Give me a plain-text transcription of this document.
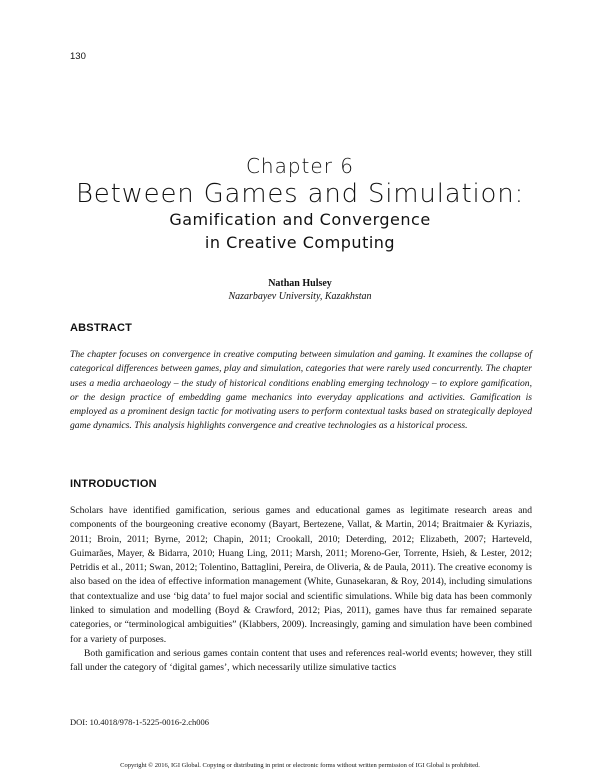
130
Chapter 6
Between Games and Simulation:
Gamification and Convergence
in Creative Computing
Nathan Hulsey
Nazarbayev University, Kazakhstan
ABSTRACT
The chapter focuses on convergence in creative computing between simulation and gaming. It examines the collapse of categorical differences between games, play and simulation, categories that were rarely used concurrently. The chapter uses a media archaeology – the study of historical conditions enabling emerging technology – to explore gamification, or the design practice of embedding game mechanics into everyday applications and activities. Gamification is employed as a prominent design tactic for motivating users to perform contextual tasks based on strategically deployed game dynamics. This analysis highlights convergence and creative technologies as a historical process.
INTRODUCTION

Scholars have identified gamification, serious games and educational games as legitimate research areas and components of the bourgeoning creative economy (Bayart, Bertezene, Vallat, & Martin, 2014; Braitmaier & Kyriazis, 2011; Broin, 2011; Byrne, 2012; Chapin, 2011; Crookall, 2010; Deterding, 2012; Elizabeth, 2007; Harteveld, Guimarães, Mayer, & Bidarra, 2010; Huang Ling, 2011; Marsh, 2011; Moreno-Ger, Torrente, Hsieh, & Lester, 2012; Petridis et al., 2011; Swan, 2012; Tolentino, Battaglini, Pereira, de Oliveria, & de Paula, 2011). The creative economy is also based on the idea of effective information management (White, Gunasekaran, & Roy, 2014), including simulations that contextualize and use ‘big data’ to fuel major social and scientific simulations. While big data has been commonly linked to simulation and modelling (Boyd & Crawford, 2012; Pias, 2011), games have thus far remained separate categories, or “terminological ambiguities” (Klabbers, 2009). Increasingly, gaming and simulation have been combined for a variety of purposes.

Both gamification and serious games contain content that uses and references real-world events; however, they still fall under the category of ‘digital games’, which necessarily utilize simulative tactics

DOI: 10.4018/978-1-5225-0016-2.ch006
Copyright © 2016, IGI Global. Copying or distributing in print or electronic forms without written permission of IGI Global is prohibited.
